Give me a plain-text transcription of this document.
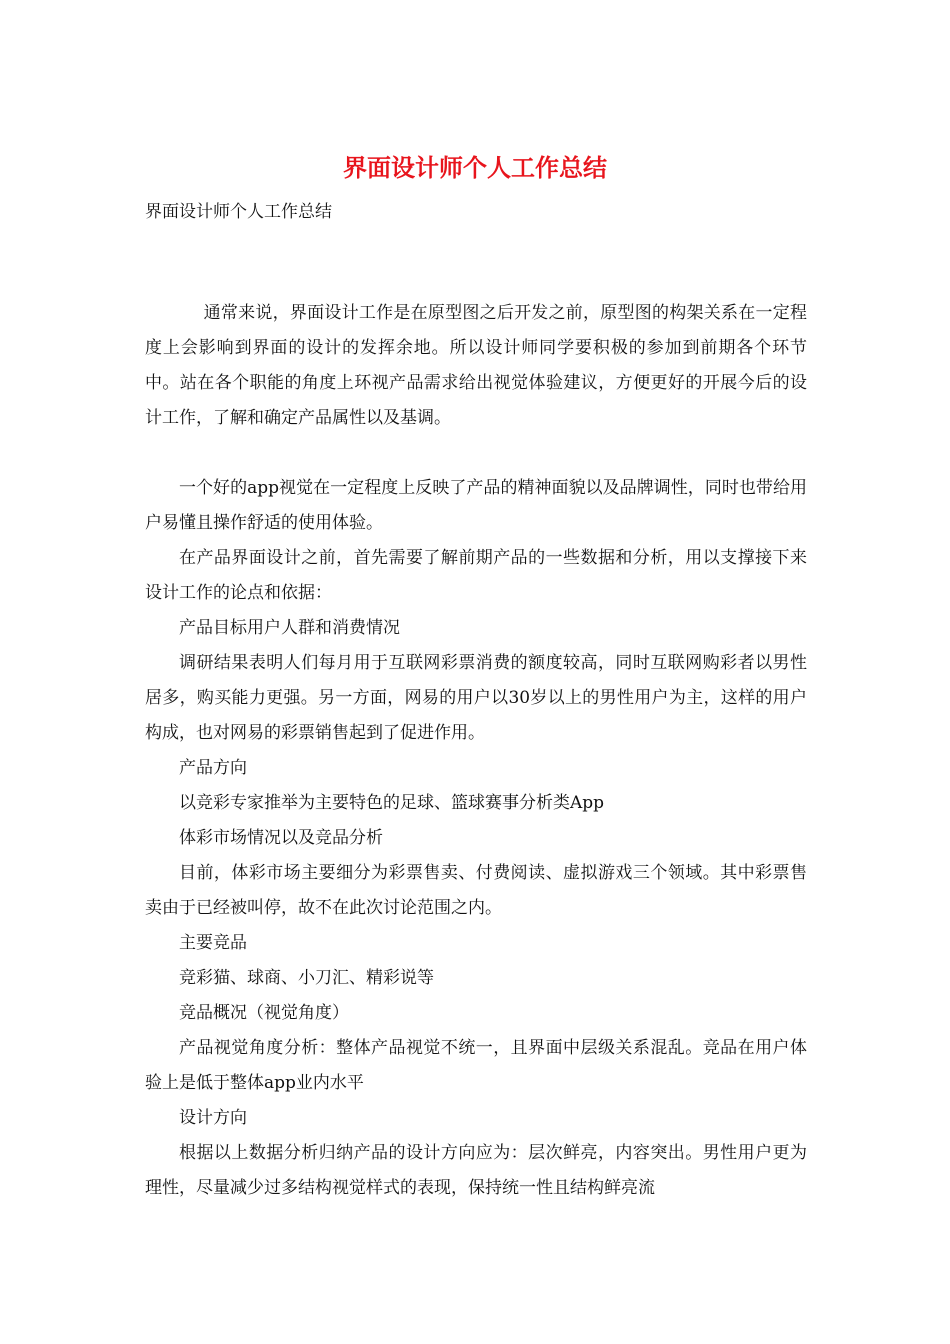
界面设计师个人工作总结
界面设计师个人工作总结

通常来说，界面设计工作是在原型图之后开发之前，原型图的构架关系在一定程度上会影响到界面的设计的发挥余地。所以设计师同学要积极的参加到前期各个环节中。站在各个职能的角度上环视产品需求给出视觉体验建议，方便更好的开展今后的设计工作，了解和确定产品属性以及基调。

一个好的app视觉在一定程度上反映了产品的精神面貌以及品牌调性，同时也带给用户易懂且操作舒适的使用体验。

在产品界面设计之前，首先需要了解前期产品的一些数据和分析，用以支撑接下来设计工作的论点和依据：

产品目标用户人群和消费情况

调研结果表明人们每月用于互联网彩票消费的额度较高，同时互联网购彩者以男性居多，购买能力更强。另一方面，网易的用户以30岁以上的男性用户为主，这样的用户构成，也对网易的彩票销售起到了促进作用。

产品方向

以竞彩专家推举为主要特色的足球、篮球赛事分析类App

体彩市场情况以及竞品分析

目前，体彩市场主要细分为彩票售卖、付费阅读、虚拟游戏三个领域。其中彩票售卖由于已经被叫停，故不在此次讨论范围之内。

主要竞品

竞彩猫、球商、小刀汇、精彩说等

竞品概况（视觉角度）

产品视觉角度分析：整体产品视觉不统一，且界面中层级关系混乱。竞品在用户体验上是低于整体app业内水平

设计方向

根据以上数据分析归纳产品的设计方向应为：层次鲜亮，内容突出。男性用户更为理性，尽量减少过多结构视觉样式的表现，保持统一性且结构鲜亮流
